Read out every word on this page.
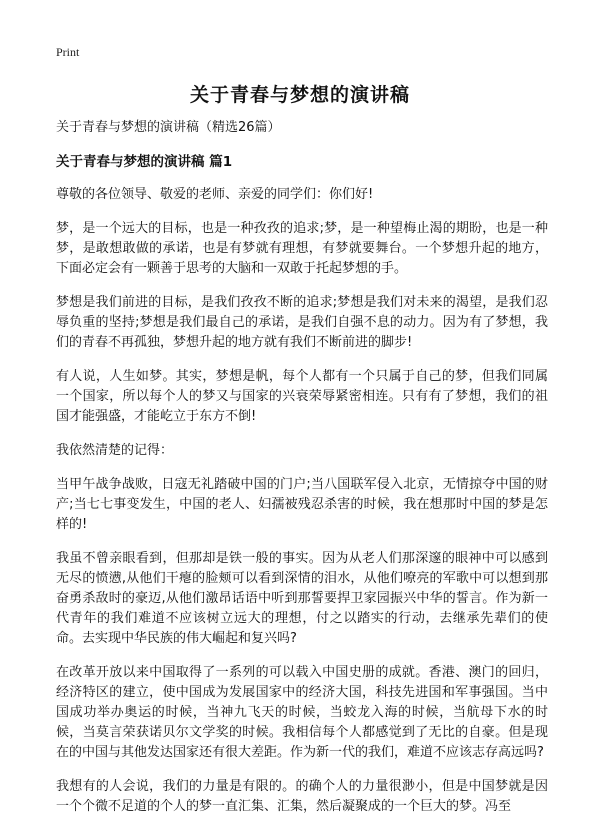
Print
关于青春与梦想的演讲稿
关于青春与梦想的演讲稿（精选26篇）
关于青春与梦想的演讲稿 篇1

尊敬的各位领导、敬爱的老师、亲爱的同学们：你们好!

梦，是一个远大的目标，也是一种孜孜的追求;梦，是一种望梅止渴的期盼，也是一种梦，是敢想敢做的承诺，也是有梦就有理想，有梦就要舞台。一个梦想升起的地方，下面必定会有一颗善于思考的大脑和一双敢于托起梦想的手。

梦想是我们前进的目标，是我们孜孜不断的追求;梦想是我们对未来的渴望，是我们忍辱负重的坚持;梦想是我们最自己的承诺，是我们自强不息的动力。因为有了梦想，我们的青春不再孤独，梦想升起的地方就有我们不断前进的脚步!

有人说，人生如梦。其实，梦想是帆，每个人都有一个只属于自己的梦，但我们同属一个国家，所以每个人的梦又与国家的兴衰荣辱紧密相连。只有有了梦想，我们的祖国才能强盛，才能屹立于东方不倒!

我依然清楚的记得：

当甲午战争战败，日寇无礼踏破中国的门户;当八国联军侵入北京，无情掠夺中国的财产;当七七事变发生，中国的老人、妇孺被残忍杀害的时候，我在想那时中国的梦是怎样的!

我虽不曾亲眼看到，但那却是铁一般的事实。因为从老人们那深邃的眼神中可以感到无尽的愤懑,从他们干瘪的脸颊可以看到深情的泪水，从他们嘹亮的军歌中可以想到那奋勇杀敌时的豪迈,从他们激昂话语中听到那誓要捍卫家园振兴中华的誓言。作为新一代青年的我们难道不应该树立远大的理想，付之以踏实的行动，去继承先辈们的使命。去实现中华民族的伟大崛起和复兴吗?

在改革开放以来中国取得了一系列的可以载入中国史册的成就。香港、澳门的回归，经济特区的建立，使中国成为发展国家中的经济大国，科技先进国和军事强国。当中国成功举办奥运的时候，当神九飞天的时候，当蛟龙入海的时候，当航母下水的时候，当莫言荣获诺贝尔文学奖的时候。我相信每个人都感觉到了无比的自豪。但是现在的中国与其他发达国家还有很大差距。作为新一代的我们，难道不应该志存高远吗?

我想有的人会说，我们的力量是有限的。的确个人的力量很渺小，但是中国梦就是因一个个微不足道的个人的梦一直汇集、汇集，然后凝聚成的一个巨大的梦。冯至
